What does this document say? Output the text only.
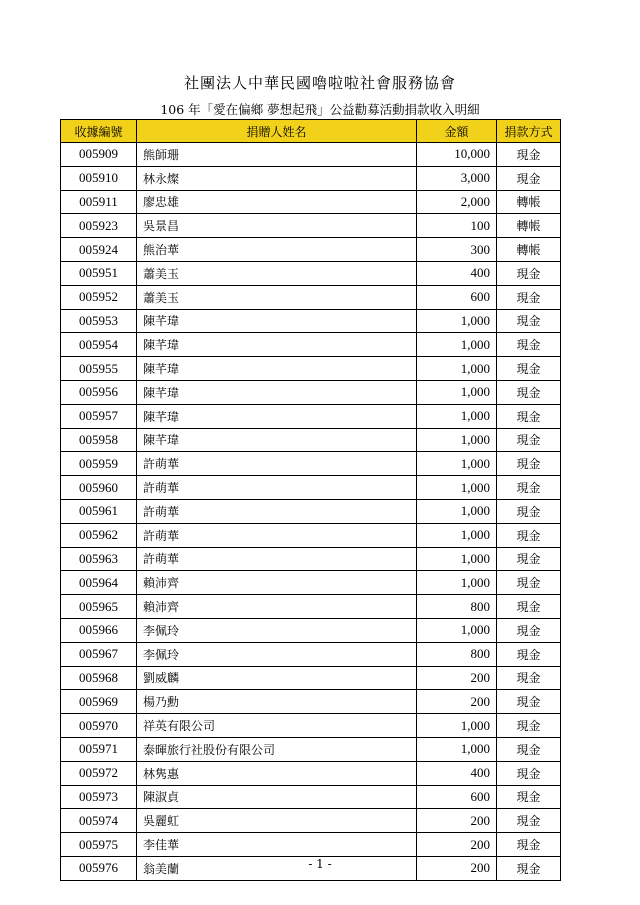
社團法人中華民國嚕啦啦社會服務協會
106 年「愛在偏鄉 夢想起飛」公益勸募活動捐款收入明細
收據編號	捐贈人姓名	金額	捐款方式
005909	熊師珊	10,000	現金
005910	林永燦	3,000	現金
005911	廖忠雄	2,000	轉帳
005923	吳景昌	100	轉帳
005924	熊治華	300	轉帳
005951	蕭美玉	400	現金
005952	蕭美玉	600	現金
005953	陳芊瑋	1,000	現金
005954	陳芊瑋	1,000	現金
005955	陳芊瑋	1,000	現金
005956	陳芊瑋	1,000	現金
005957	陳芊瑋	1,000	現金
005958	陳芊瑋	1,000	現金
005959	許萌華	1,000	現金
005960	許萌華	1,000	現金
005961	許萌華	1,000	現金
005962	許萌華	1,000	現金
005963	許萌華	1,000	現金
005964	賴沛齊	1,000	現金
005965	賴沛齊	800	現金
005966	李佩玲	1,000	現金
005967	李佩玲	800	現金
005968	劉威麟	200	現金
005969	楊乃勳	200	現金
005970	祥英有限公司	1,000	現金
005971	泰暉旅行社股份有限公司	1,000	現金
005972	林隽惠	400	現金
005973	陳淑貞	600	現金
005974	吳麗虹	200	現金
005975	李佳華	200	現金
005976	翁美蘭	200	現金
- 1 -
